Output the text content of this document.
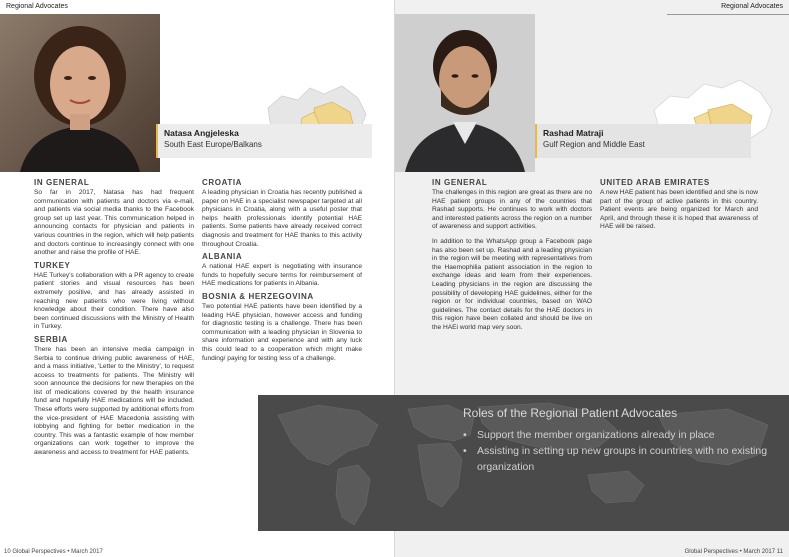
Regional Advocates	Regional Advocates
Natasa Angjeleska
South East Europe/Balkans
Rashad Matraji
Gulf Region and Middle East
IN GENERAL

So far in 2017, Natasa has had frequent communication with patients and doctors via e-mail, and patients via social media thanks to the Facebook group set up last year. This communication helped in announcing contacts for physician and patients in various countries in the region, which will help patients and doctors continue to increasingly connect with one another and raise the profile of HAE.

TURKEY

HAE Turkey's collaboration with a PR agency to create patient stories and visual resources has been extremely positive, and has already assisted in reaching new patients who were living without knowledge about their condition. There have also been continued discussions with the Ministry of Health in Turkey.

SERBIA

There has been an intensive media campaign in Serbia to continue driving public awareness of HAE, and a mass initiative, 'Letter to the Ministry', to request access to treatments for patients. The Ministry will soon announce the decisions for new therapies on the list of medications covered by the health insurance fund and hopefully HAE medications will be included. These efforts were supported by additional efforts from the vice-president of HAE Macedonia assisting with lobbying and fighting for better medication in the country. This was a fantastic example of how member organizations can work together to improve the awareness and access to treatment for HAE patients.

CROATIA

A leading physician in Croatia has recently published a paper on HAE in a specialist newspaper targeted at all physicians in Croatia, along with a useful poster that helps health professionals identify potential HAE patients. Some patients have already received correct diagnosis and treatment for HAE thanks to this activity throughout Croatia.

ALBANIA

A national HAE expert is negotiating with insurance funds to hopefully secure terms for reimbursement of HAE medications for patients in Albania.

BOSNIA & HERZEGOVINA

Two potential HAE patients have been identified by a leading HAE physician, however access and funding for diagnostic testing is a challenge. There has been communication with a leading physician in Slovenia to share information and experience and with any luck this could lead to a cooperation which might make funding/ paying for testing less of a challenge.

IN GENERAL

The challenges in this region are great as there are no HAE patient groups in any of the countries that Rashad supports. He continues to work with doctors and interested patients across the region on a number of awareness and support activities.

In addition to the WhatsApp group a Facebook page has also been set up. Rashad and a leading physician in the region will be meeting with representatives from the Haemophilia patient association in the region to exchange ideas and learn from their experiences. Leading physicians in the region are discussing the possibility of developing HAE guidelines, either for the region or for individual countries, based on WAO guidelines. The contact details for the HAE doctors in this region have been collated and should be live on the HAEi world map very soon.

UNITED ARAB EMIRATES

A new HAE patient has been identified and she is now part of the group of active patients in this country. Patient events are being organized for March and April, and through these it is hoped that awareness of HAE will be raised.

Roles of the Regional Patient Advocates
• Support the member organizations already in place
• Assisting in setting up new groups in countries with no existing organization
10 Global Perspectives • March 2017	Global Perspectives • March 2017 11
